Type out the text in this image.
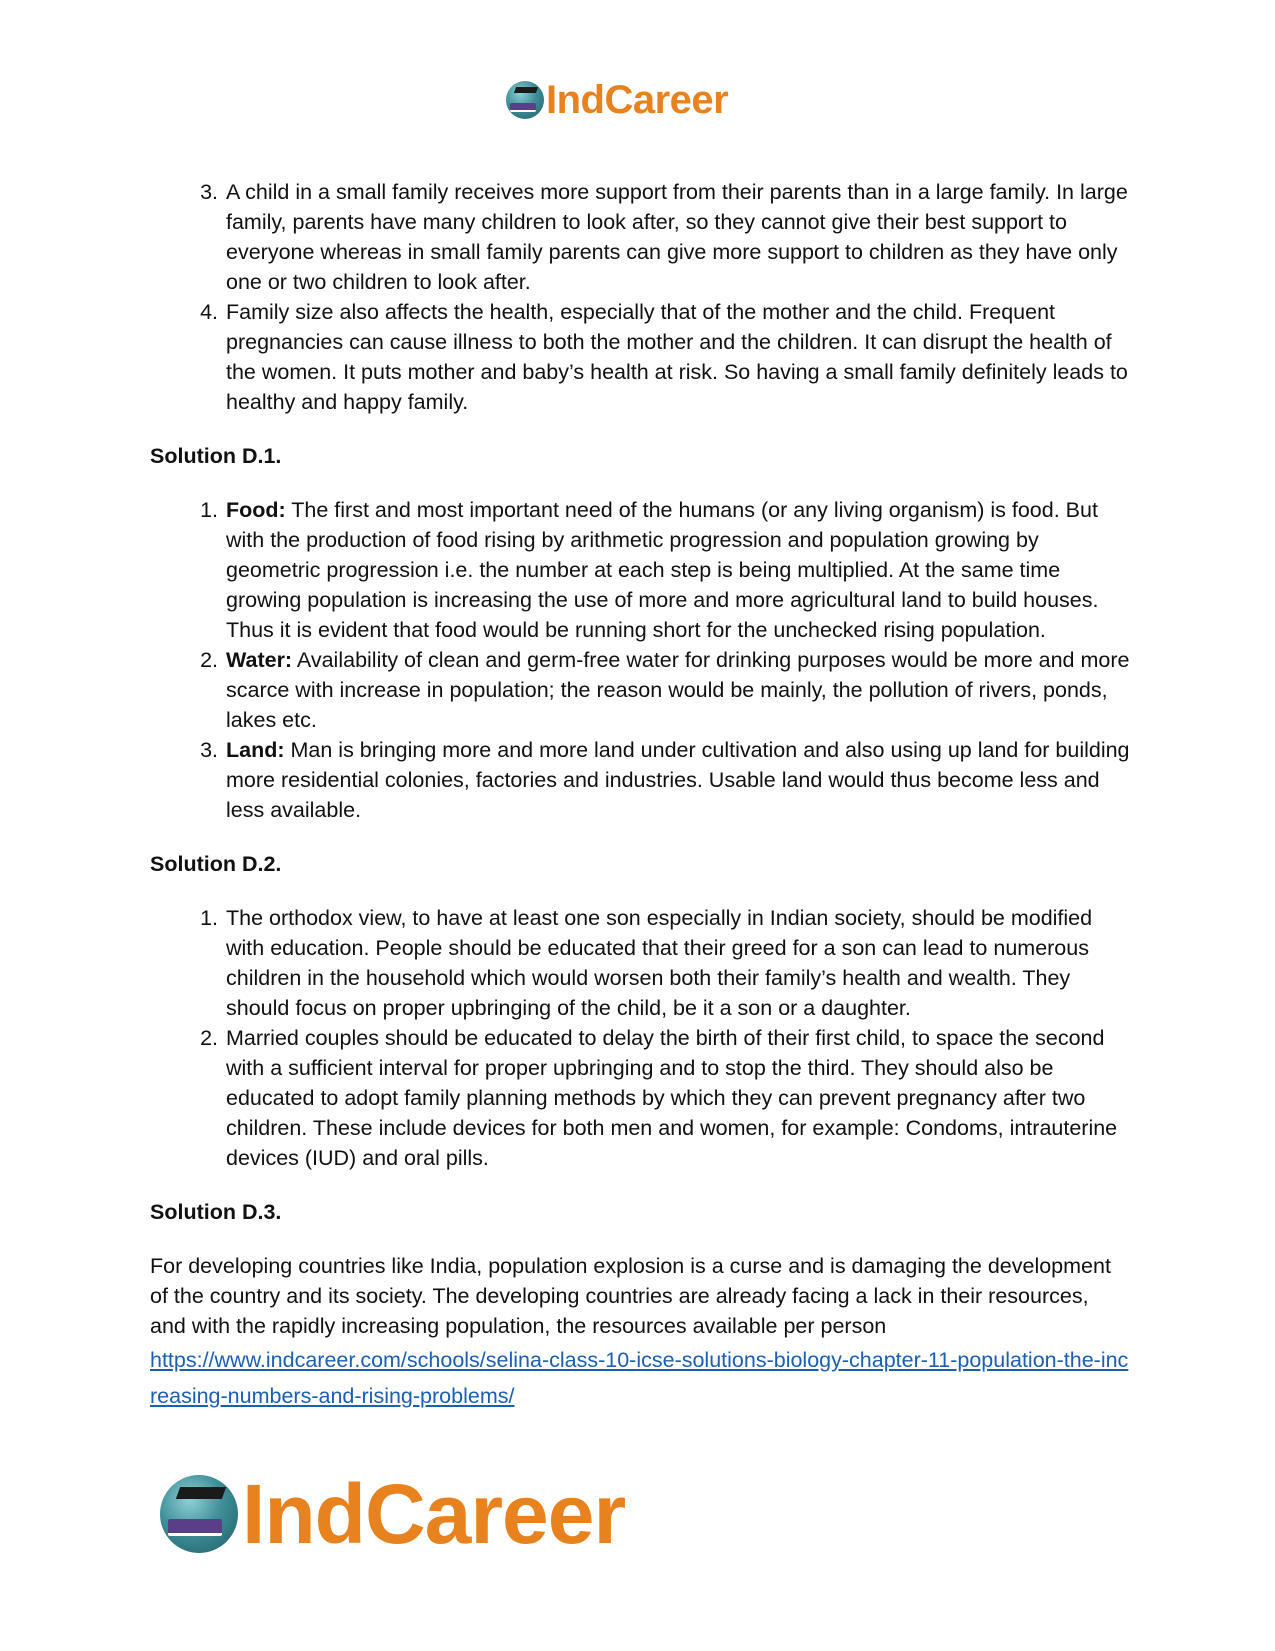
IndCareer
3. A child in a small family receives more support from their parents than in a large family. In large family, parents have many children to look after, so they cannot give their best support to everyone whereas in small family parents can give more support to children as they have only one or two children to look after.
4. Family size also affects the health, especially that of the mother and the child. Frequent pregnancies can cause illness to both the mother and the children. It can disrupt the health of the women. It puts mother and baby’s health at risk. So having a small family definitely leads to healthy and happy family.
Solution D.1.
1. Food: The first and most important need of the humans (or any living organism) is food. But with the production of food rising by arithmetic progression and population growing by geometric progression i.e. the number at each step is being multiplied. At the same time growing population is increasing the use of more and more agricultural land to build houses. Thus it is evident that food would be running short for the unchecked rising population.
2. Water: Availability of clean and germ-free water for drinking purposes would be more and more scarce with increase in population; the reason would be mainly, the pollution of rivers, ponds, lakes etc.
3. Land: Man is bringing more and more land under cultivation and also using up land for building more residential colonies, factories and industries. Usable land would thus become less and less available.
Solution D.2.
1. The orthodox view, to have at least one son especially in Indian society, should be modified with education. People should be educated that their greed for a son can lead to numerous children in the household which would worsen both their family’s health and wealth. They should focus on proper upbringing of the child, be it a son or a daughter.
2. Married couples should be educated to delay the birth of their first child, to space the second with a sufficient interval for proper upbringing and to stop the third. They should also be educated to adopt family planning methods by which they can prevent pregnancy after two children. These include devices for both men and women, for example: Condoms, intrauterine devices (IUD) and oral pills.
Solution D.3.

For developing countries like India, population explosion is a curse and is damaging the development of the country and its society. The developing countries are already facing a lack in their resources, and with the rapidly increasing population, the resources available per person

https://www.indcareer.com/schools/selina-class-10-icse-solutions-biology-chapter-11-population-the-increasing-numbers-and-rising-problems/
IndCareer
